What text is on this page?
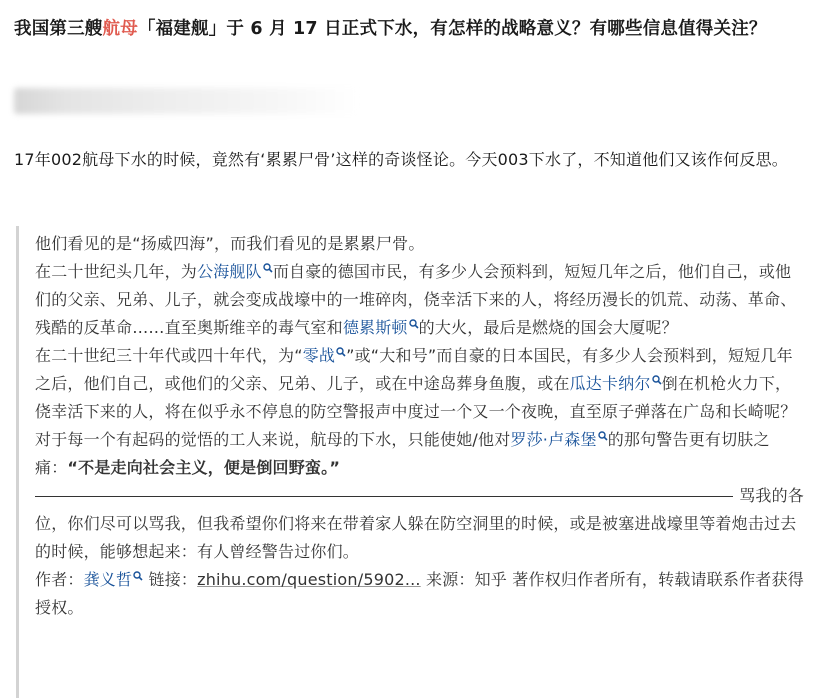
我国第三艘航母「福建舰」于 6 月 17 日正式下水，有怎样的战略意义？有哪些信息值得关注？
17年002航母下水的时候，竟然有‘累累尸骨’这样的奇谈怪论。今天003下水了，不知道他们又该作何反思。

他们看见的是“扬威四海”，而我们看见的是累累尸骨。

在二十世纪头几年，为公海舰队 而自豪的德国市民，有多少人会预料到，短短几年之后，他们自己，或他们的父亲、兄弟、儿子，就会变成战壕中的一堆碎肉，侥幸活下来的人，将经历漫长的饥荒、动荡、革命、残酷的反革命……直至奥斯维辛的毒气室和德累斯顿 的大火，最后是燃烧的国会大厦呢？

在二十世纪三十年代或四十年代，为“零战 ”或“大和号”而自豪的日本国民，有多少人会预料到，短短几年之后，他们自己，或他们的父亲、兄弟、儿子，或在中途岛葬身鱼腹，或在瓜达卡纳尔 倒在机枪火力下，侥幸活下来的人，将在似乎永不停息的防空警报声中度过一个又一个夜晚，直至原子弹落在广岛和长崎呢？

对于每一个有起码的觉悟的工人来说，航母的下水，只能使她/他对罗莎·卢森堡 的那句警告更有切肤之痛：“不是走向社会主义，便是倒回野蛮。”

骂我的各

位，你们尽可以骂我，但我希望你们将来在带着家人躲在防空洞里的时候，或是被塞进战壕里等着炮击过去的时候，能够想起来：有人曾经警告过你们。

作者：龚义哲 链接：zhihu.com/question/5902... 来源：知乎 著作权归作者所有，转载请联系作者获得授权。
